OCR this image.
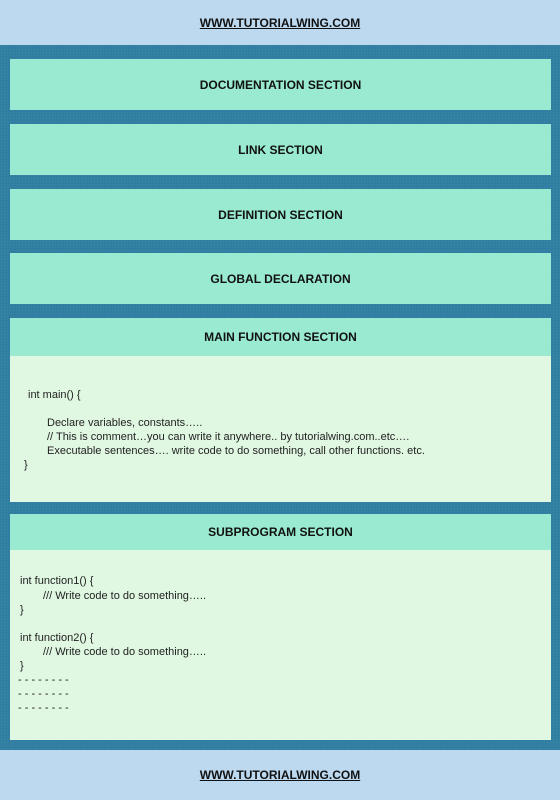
WWW.TUTORIALWING.COM
DOCUMENTATION SECTION
LINK SECTION
DEFINITION SECTION
GLOBAL DECLARATION
MAIN FUNCTION SECTION
int main() {
Declare variables, constants…..
// This is comment…you can write it anywhere.. by tutorialwing.com..etc….
Executable sentences…. write code to do something, call other functions. etc.
}
SUBPROGRAM SECTION
int function1() {
/// Write code to do something…..
}
int function2() {
/// Write code to do something…..
}
- - - - - - - -
- - - - - - - -
- - - - - - - -
WWW.TUTORIALWING.COM
